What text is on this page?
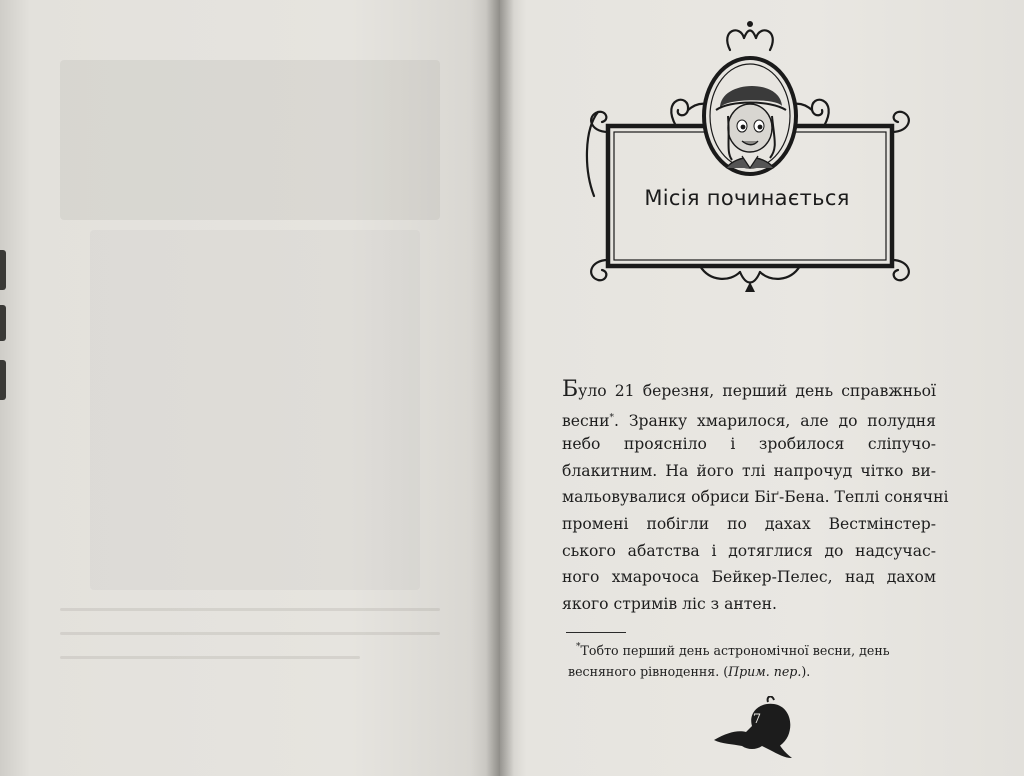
Місія починається
Було 21 березня, перший день справжньої
весни*. Зранку хмарилося, але до полудня
небо прояснiло i зробилося слiпучо-
блакитним. На його тлi напрочуд чiтко ви-
мальовувалися обриси Бiґ-Бена. Теплi сонячнi
променi побiгли по дахах Вестмiнстер-
ського абатства i дотяглися до надсучас-
ного хмарочоса Бейкер-Пелес, над дахом
якого стримiв лiс з антен.
*Тобто перший день астрономiчної весни, день
весняного рiвнодення. (Прим. пер.).
7
